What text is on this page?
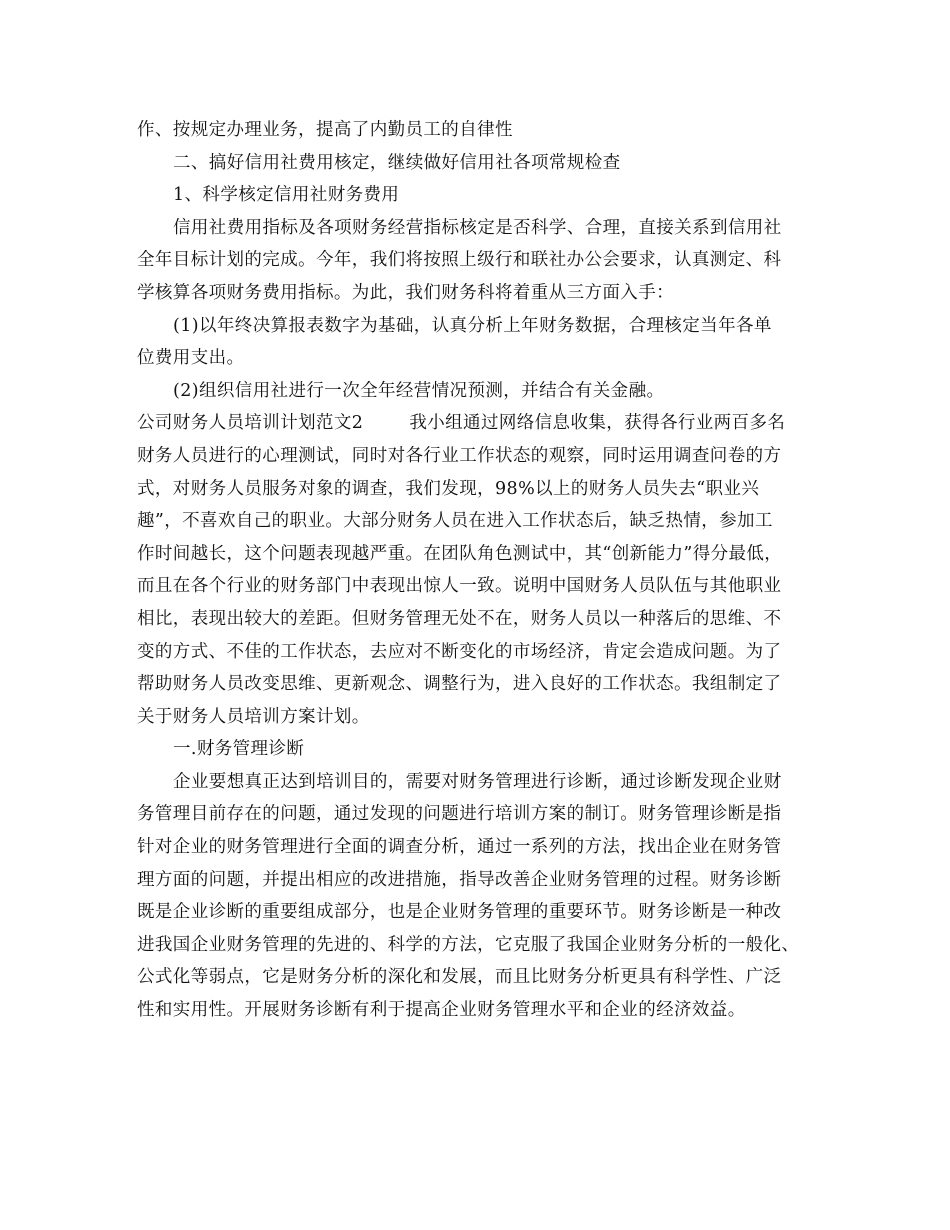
作、按规定办理业务，提高了内勤员工的自律性
二、搞好信用社费用核定，继续做好信用社各项常规检查
1、科学核定信用社财务费用
信用社费用指标及各项财务经营指标核定是否科学、合理，直接关系到信用社
全年目标计划的完成。今年，我们将按照上级行和联社办公会要求，认真测定、科
学核算各项财务费用指标。为此，我们财务科将着重从三方面入手：
(1)以年终决算报表数字为基础，认真分析上年财务数据，合理核定当年各单
位费用支出。
(2)组织信用社进行一次全年经营情况预测，并结合有关金融。
公司财务人员培训计划范文2	我小组通过网络信息收集，获得各行业两百多名
财务人员进行的心理测试，同时对各行业工作状态的观察，同时运用调查问卷的方
式，对财务人员服务对象的调查，我们发现，98%以上的财务人员失去“职业兴
趣”，不喜欢自己的职业。大部分财务人员在进入工作状态后，缺乏热情，参加工
作时间越长，这个问题表现越严重。在团队角色测试中，其“创新能力”得分最低，
而且在各个行业的财务部门中表现出惊人一致。说明中国财务人员队伍与其他职业
相比，表现出较大的差距。但财务管理无处不在，财务人员以一种落后的思维、不
变的方式、不佳的工作状态，去应对不断变化的市场经济，肯定会造成问题。为了
帮助财务人员改变思维、更新观念、调整行为，进入良好的工作状态。我组制定了
关于财务人员培训方案计划。
一.财务管理诊断
企业要想真正达到培训目的，需要对财务管理进行诊断，通过诊断发现企业财
务管理目前存在的问题，通过发现的问题进行培训方案的制订。财务管理诊断是指
针对企业的财务管理进行全面的调查分析，通过一系列的方法，找出企业在财务管
理方面的问题，并提出相应的改进措施，指导改善企业财务管理的过程。财务诊断
既是企业诊断的重要组成部分，也是企业财务管理的重要环节。财务诊断是一种改
进我国企业财务管理的先进的、科学的方法，它克服了我国企业财务分析的一般化、
公式化等弱点，它是财务分析的深化和发展，而且比财务分析更具有科学性、广泛
性和实用性。开展财务诊断有利于提高企业财务管理水平和企业的经济效益。
